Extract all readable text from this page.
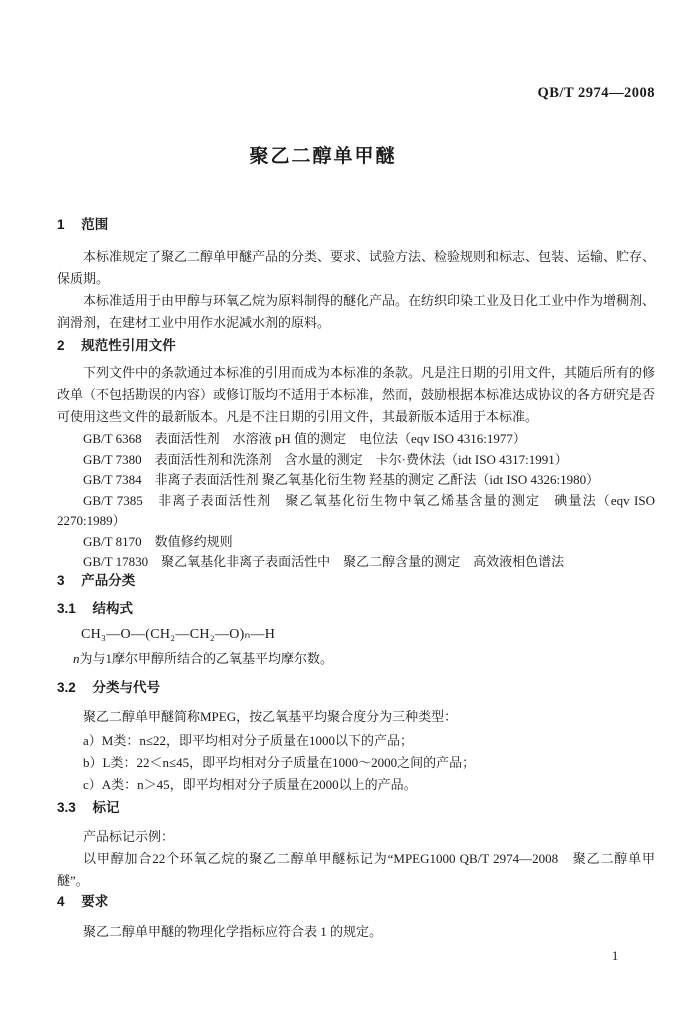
QB/T 2974—2008
聚乙二醇单甲醚
1 范围

本标准规定了聚乙二醇单甲醚产品的分类、要求、试验方法、检验规则和标志、包装、运输、贮存、保质期。

本标准适用于由甲醇与环氧乙烷为原料制得的醚化产品。在纺织印染工业及日化工业中作为增稠剂、润滑剂，在建材工业中用作水泥减水剂的原料。

2 规范性引用文件

下列文件中的条款通过本标准的引用而成为本标准的条款。凡是注日期的引用文件，其随后所有的修改单（不包括勘误的内容）或修订版均不适用于本标准，然而，鼓励根据本标准达成协议的各方研究是否可使用这些文件的最新版本。凡是不注日期的引用文件，其最新版本适用于本标准。

GB/T 6368　表面活性剂　水溶液 pH 值的测定　电位法（eqv ISO 4316:1977）

GB/T 7380　表面活性剂和洗涤剂　含水量的测定　卡尔·费休法（idt ISO 4317:1991）

GB/T 7384　非离子表面活性剂 聚乙氧基化衍生物 羟基的测定 乙酐法（idt ISO 4326:1980）

GB/T 7385　非离子表面活性剂　聚乙氧基化衍生物中氧乙烯基含量的测定　碘量法（eqv ISO 2270:1989）

GB/T 8170　数值修约规则

GB/T 17830　聚乙氧基化非离子表面活性中　聚乙二醇含量的测定　高效液相色谱法

3 产品分类
3.1 结构式

CH₃—O—(CH₂—CH₂—O)ₙ—H

n为与1摩尔甲醇所结合的乙氧基平均摩尔数。

3.2 分类与代号

聚乙二醇单甲醚简称MPEG，按乙氧基平均聚合度分为三种类型：

a）M类：n≤22，即平均相对分子质量在1000以下的产品；

b）L类：22＜n≤45，即平均相对分子质量在1000～2000之间的产品；

c）A类：n＞45，即平均相对分子质量在2000以上的产品。

3.3 标记

产品标记示例：

以甲醇加合22个环氧乙烷的聚乙二醇单甲醚标记为“MPEG1000 QB/T 2974—2008　聚乙二醇单甲醚”。

4 要求

聚乙二醇单甲醚的物理化学指标应符合表 1 的规定。

1
